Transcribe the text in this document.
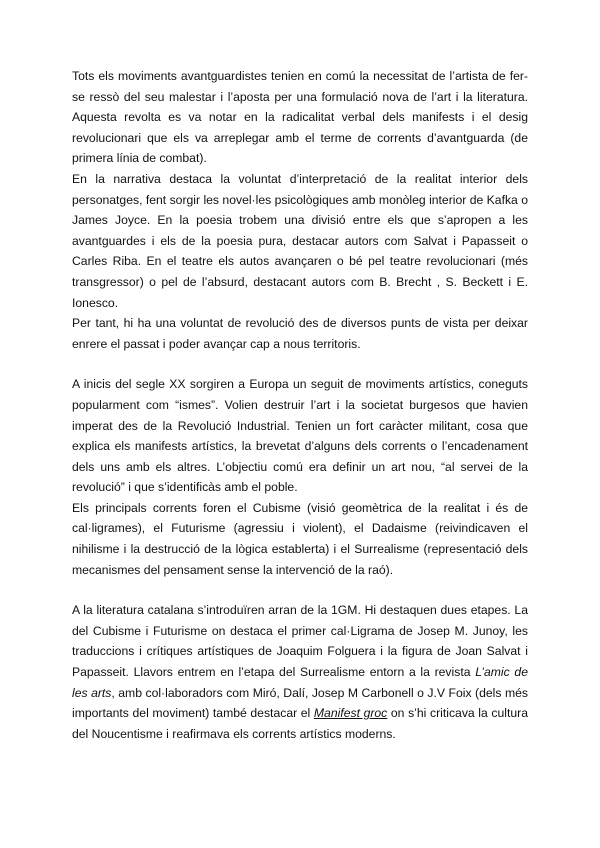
Tots els moviments avantguardistes tenien en comú la necessitat de l’artista de fer-se ressò del seu malestar i l’aposta per una formulació nova de l’art i la literatura. Aquesta revolta es va notar en la radicalitat verbal dels manifests i el desig revolucionari que els va arreplegar amb el terme de corrents d’avantguarda (de primera línia de combat).

En la narrativa destaca la voluntat d’interpretació de la realitat interior dels personatges, fent sorgir les novel·les psicològiques amb monòleg interior de Kafka o James Joyce. En la poesia trobem una divisió entre els que s’apropen a les avantguardes i els de la poesia pura, destacar autors com Salvat i Papasseit o Carles Riba. En el teatre els autos avançaren o bé pel teatre revolucionari (més transgressor) o pel de l’absurd, destacant autors com B. Brecht , S. Beckett i E. Ionesco.

Per tant, hi ha una voluntat de revolució des de diversos punts de vista per deixar enrere el passat i poder avançar cap a nous territoris.

A inicis del segle XX sorgiren a Europa un seguit de moviments artístics, coneguts popularment com “ismes”. Volien destruir l’art i la societat burgesos que havien imperat des de la Revolució Industrial. Tenien un fort caràcter militant, cosa que explica els manifests artístics, la brevetat d’alguns dels corrents o l’encadenament dels uns amb els altres. L’objectiu comú era definir un art nou, “al servei de la revolució” i que s’identificàs amb el poble.

Els principals corrents foren el Cubisme (visió geomètrica de la realitat i és de cal·ligrames), el Futurisme (agressiu i violent), el Dadaisme (reivindicaven el nihilisme i la destrucció de la lògica establerta) i el Surrealisme (representació dels mecanismes del pensament sense la intervenció de la raó).

A la literatura catalana s’introduïren arran de la 1GM. Hi destaquen dues etapes. La del Cubisme i Futurisme on destaca el primer cal·Ligrama de Josep M. Junoy, les traduccions i crítiques artístiques de Joaquim Folguera i la figura de Joan Salvat i Papasseit. Llavors entrem en l’etapa del Surrealisme entorn a la revista L’amic de les arts, amb col·laboradors com Miró, Dalí, Josep M Carbonell o J.V Foix (dels més importants del moviment) també destacar el Manifest groc on s’hi criticava la cultura del Noucentisme i reafirmava els corrents artístics moderns.
